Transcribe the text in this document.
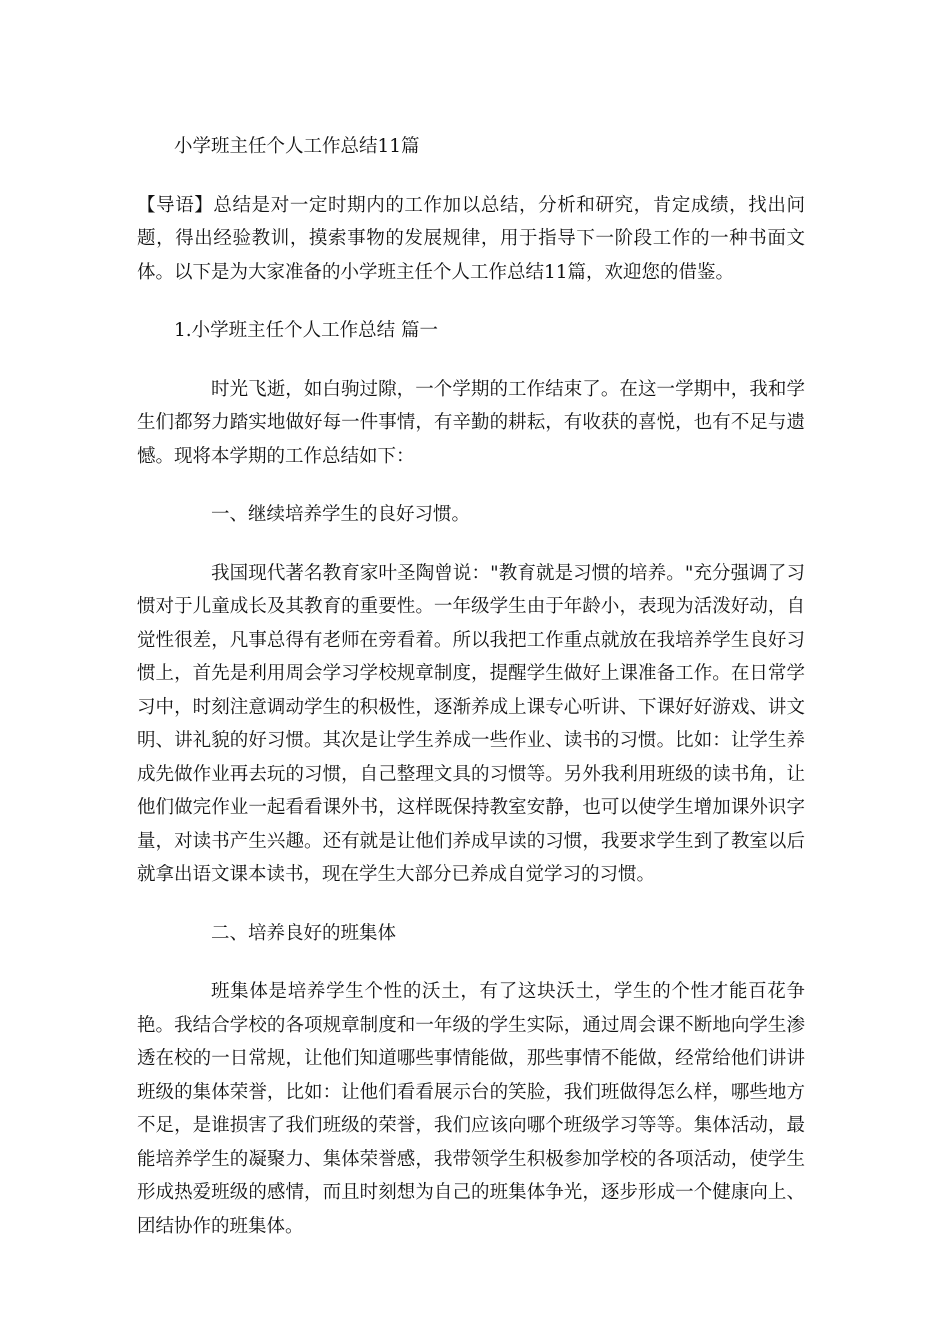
小学班主任个人工作总结11篇

【导语】总结是对一定时期内的工作加以总结，分析和研究，肯定成绩，找出问题，得出经验教训，摸索事物的发展规律，用于指导下一阶段工作的一种书面文体。以下是为大家准备的小学班主任个人工作总结11篇，欢迎您的借鉴。

1.小学班主任个人工作总结 篇一

时光飞逝，如白驹过隙，一个学期的工作结束了。在这一学期中，我和学生们都努力踏实地做好每一件事情，有辛勤的耕耘，有收获的喜悦，也有不足与遗憾。现将本学期的工作总结如下：

一、继续培养学生的良好习惯。

我国现代著名教育家叶圣陶曾说："教育就是习惯的培养。"充分强调了习惯对于儿童成长及其教育的重要性。一年级学生由于年龄小，表现为活泼好动，自觉性很差，凡事总得有老师在旁看着。所以我把工作重点就放在我培养学生良好习惯上，首先是利用周会学习学校规章制度，提醒学生做好上课准备工作。在日常学习中，时刻注意调动学生的积极性，逐渐养成上课专心听讲、下课好好游戏、讲文明、讲礼貌的好习惯。其次是让学生养成一些作业、读书的习惯。比如：让学生养成先做作业再去玩的习惯，自己整理文具的习惯等。另外我利用班级的读书角，让他们做完作业一起看看课外书，这样既保持教室安静，也可以使学生增加课外识字量，对读书产生兴趣。还有就是让他们养成早读的习惯，我要求学生到了教室以后就拿出语文课本读书，现在学生大部分已养成自觉学习的习惯。

二、培养良好的班集体

班集体是培养学生个性的沃土，有了这块沃土，学生的个性才能百花争艳。我结合学校的各项规章制度和一年级的学生实际，通过周会课不断地向学生渗透在校的一日常规，让他们知道哪些事情能做，那些事情不能做，经常给他们讲讲班级的集体荣誉，比如：让他们看看展示台的笑脸，我们班做得怎么样，哪些地方不足，是谁损害了我们班级的荣誉，我们应该向哪个班级学习等等。集体活动，最能培养学生的凝聚力、集体荣誉感，我带领学生积极参加学校的各项活动，使学生形成热爱班级的感情，而且时刻想为自己的班集体争光，逐步形成一个健康向上、团结协作的班集体。
